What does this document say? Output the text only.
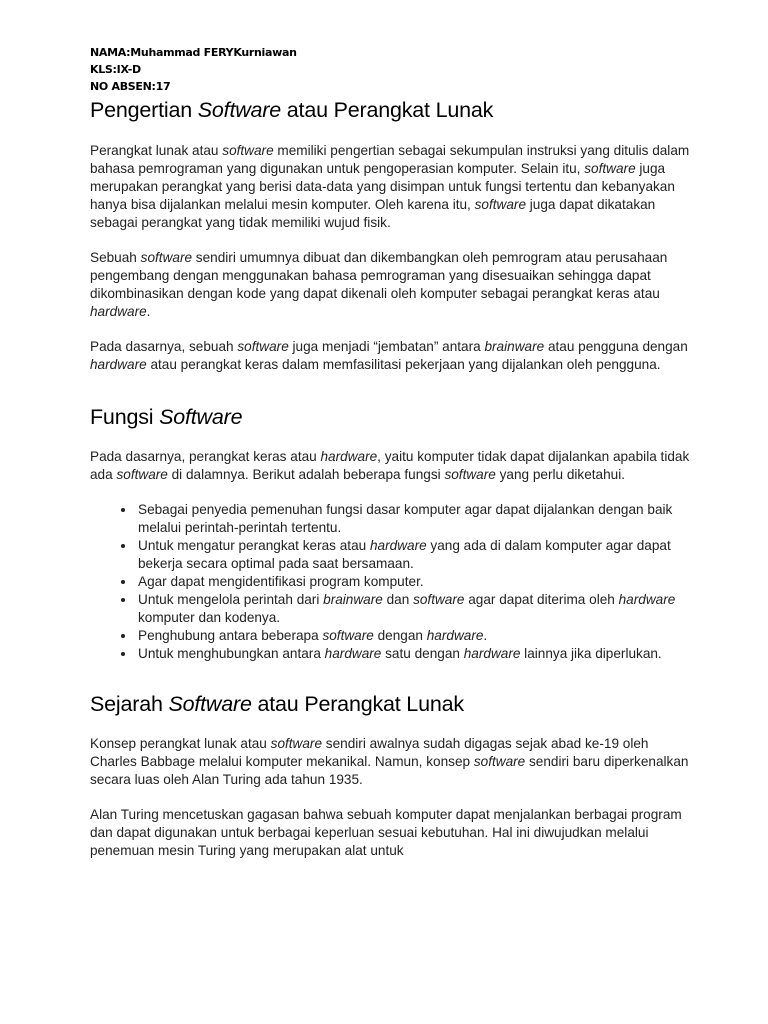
NAMA:Muhammad FERYKurniawan
KLS:IX-D
NO ABSEN:17
Pengertian Software atau Perangkat Lunak

Perangkat lunak atau software memiliki pengertian sebagai sekumpulan instruksi yang ditulis dalam bahasa pemrograman yang digunakan untuk pengoperasian komputer. Selain itu, software juga merupakan perangkat yang berisi data-data yang disimpan untuk fungsi tertentu dan kebanyakan hanya bisa dijalankan melalui mesin komputer. Oleh karena itu, software juga dapat dikatakan sebagai perangkat yang tidak memiliki wujud fisik.

Sebuah software sendiri umumnya dibuat dan dikembangkan oleh pemrogram atau perusahaan pengembang dengan menggunakan bahasa pemrograman yang disesuaikan sehingga dapat dikombinasikan dengan kode yang dapat dikenali oleh komputer sebagai perangkat keras atau hardware.

Pada dasarnya, sebuah software juga menjadi “jembatan” antara brainware atau pengguna dengan hardware atau perangkat keras dalam memfasilitasi pekerjaan yang dijalankan oleh pengguna.

Fungsi Software

Pada dasarnya, perangkat keras atau hardware, yaitu komputer tidak dapat dijalankan apabila tidak ada software di dalamnya. Berikut adalah beberapa fungsi software yang perlu diketahui.

• Sebagai penyedia pemenuhan fungsi dasar komputer agar dapat dijalankan dengan baik melalui perintah-perintah tertentu.
• Untuk mengatur perangkat keras atau hardware yang ada di dalam komputer agar dapat bekerja secara optimal pada saat bersamaan.
• Agar dapat mengidentifikasi program komputer.
• Untuk mengelola perintah dari brainware dan software agar dapat diterima oleh hardware komputer dan kodenya.
• Penghubung antara beberapa software dengan hardware.
• Untuk menghubungkan antara hardware satu dengan hardware lainnya jika diperlukan.
Sejarah Software atau Perangkat Lunak

Konsep perangkat lunak atau software sendiri awalnya sudah digagas sejak abad ke-19 oleh Charles Babbage melalui komputer mekanikal. Namun, konsep software sendiri baru diperkenalkan secara luas oleh Alan Turing ada tahun 1935.

Alan Turing mencetuskan gagasan bahwa sebuah komputer dapat menjalankan berbagai program dan dapat digunakan untuk berbagai keperluan sesuai kebutuhan. Hal ini diwujudkan melalui penemuan mesin Turing yang merupakan alat untuk
